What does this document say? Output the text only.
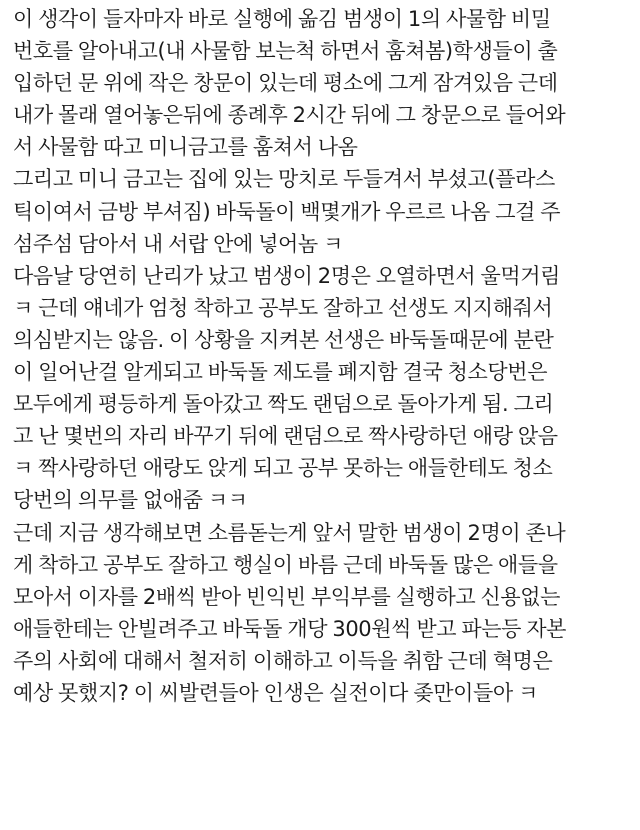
이 생각이 들자마자 바로 실행에 옮김 범생이 1의 사물함 비밀
번호를 알아내고(내 사물함 보는척 하면서 훔쳐봄)학생들이 출
입하던 문 위에 작은 창문이 있는데 평소에 그게 잠겨있음 근데
내가 몰래 열어놓은뒤에 종례후 2시간 뒤에 그 창문으로 들어와
서 사물함 따고 미니금고를 훔쳐서 나옴
그리고 미니 금고는 집에 있는 망치로 두들겨서 부셨고(플라스
틱이여서 금방 부셔짐) 바둑돌이 백몇개가 우르르 나옴 그걸 주
섬주섬 담아서 내 서랍 안에 넣어놈 ㅋ
다음날 당연히 난리가 났고 범생이 2명은 오열하면서 울먹거림
ㅋ 근데 얘네가 엄청 착하고 공부도 잘하고 선생도 지지해줘서
의심받지는 않음. 이 상황을 지켜본 선생은 바둑돌때문에 분란
이 일어난걸 알게되고 바둑돌 제도를 폐지함 결국 청소당번은
모두에게 평등하게 돌아갔고 짝도 랜덤으로 돌아가게 됨. 그리
고 난 몇번의 자리 바꾸기 뒤에 랜덤으로 짝사랑하던 애랑 앉음
ㅋ 짝사랑하던 애랑도 앉게 되고 공부 못하는 애들한테도 청소
당번의 의무를 없애줌 ㅋㅋ
근데 지금 생각해보면 소름돋는게 앞서 말한 범생이 2명이 존나
게 착하고 공부도 잘하고 행실이 바름 근데 바둑돌 많은 애들을
모아서 이자를 2배씩 받아 빈익빈 부익부를 실행하고 신용없는
애들한테는 안빌려주고 바둑돌 개당 300원씩 받고 파는등 자본
주의 사회에 대해서 철저히 이해하고 이득을 취함 근데 혁명은
예상 못했지? 이 씨발련들아 인생은 실전이다 좆만이들아 ㅋ
